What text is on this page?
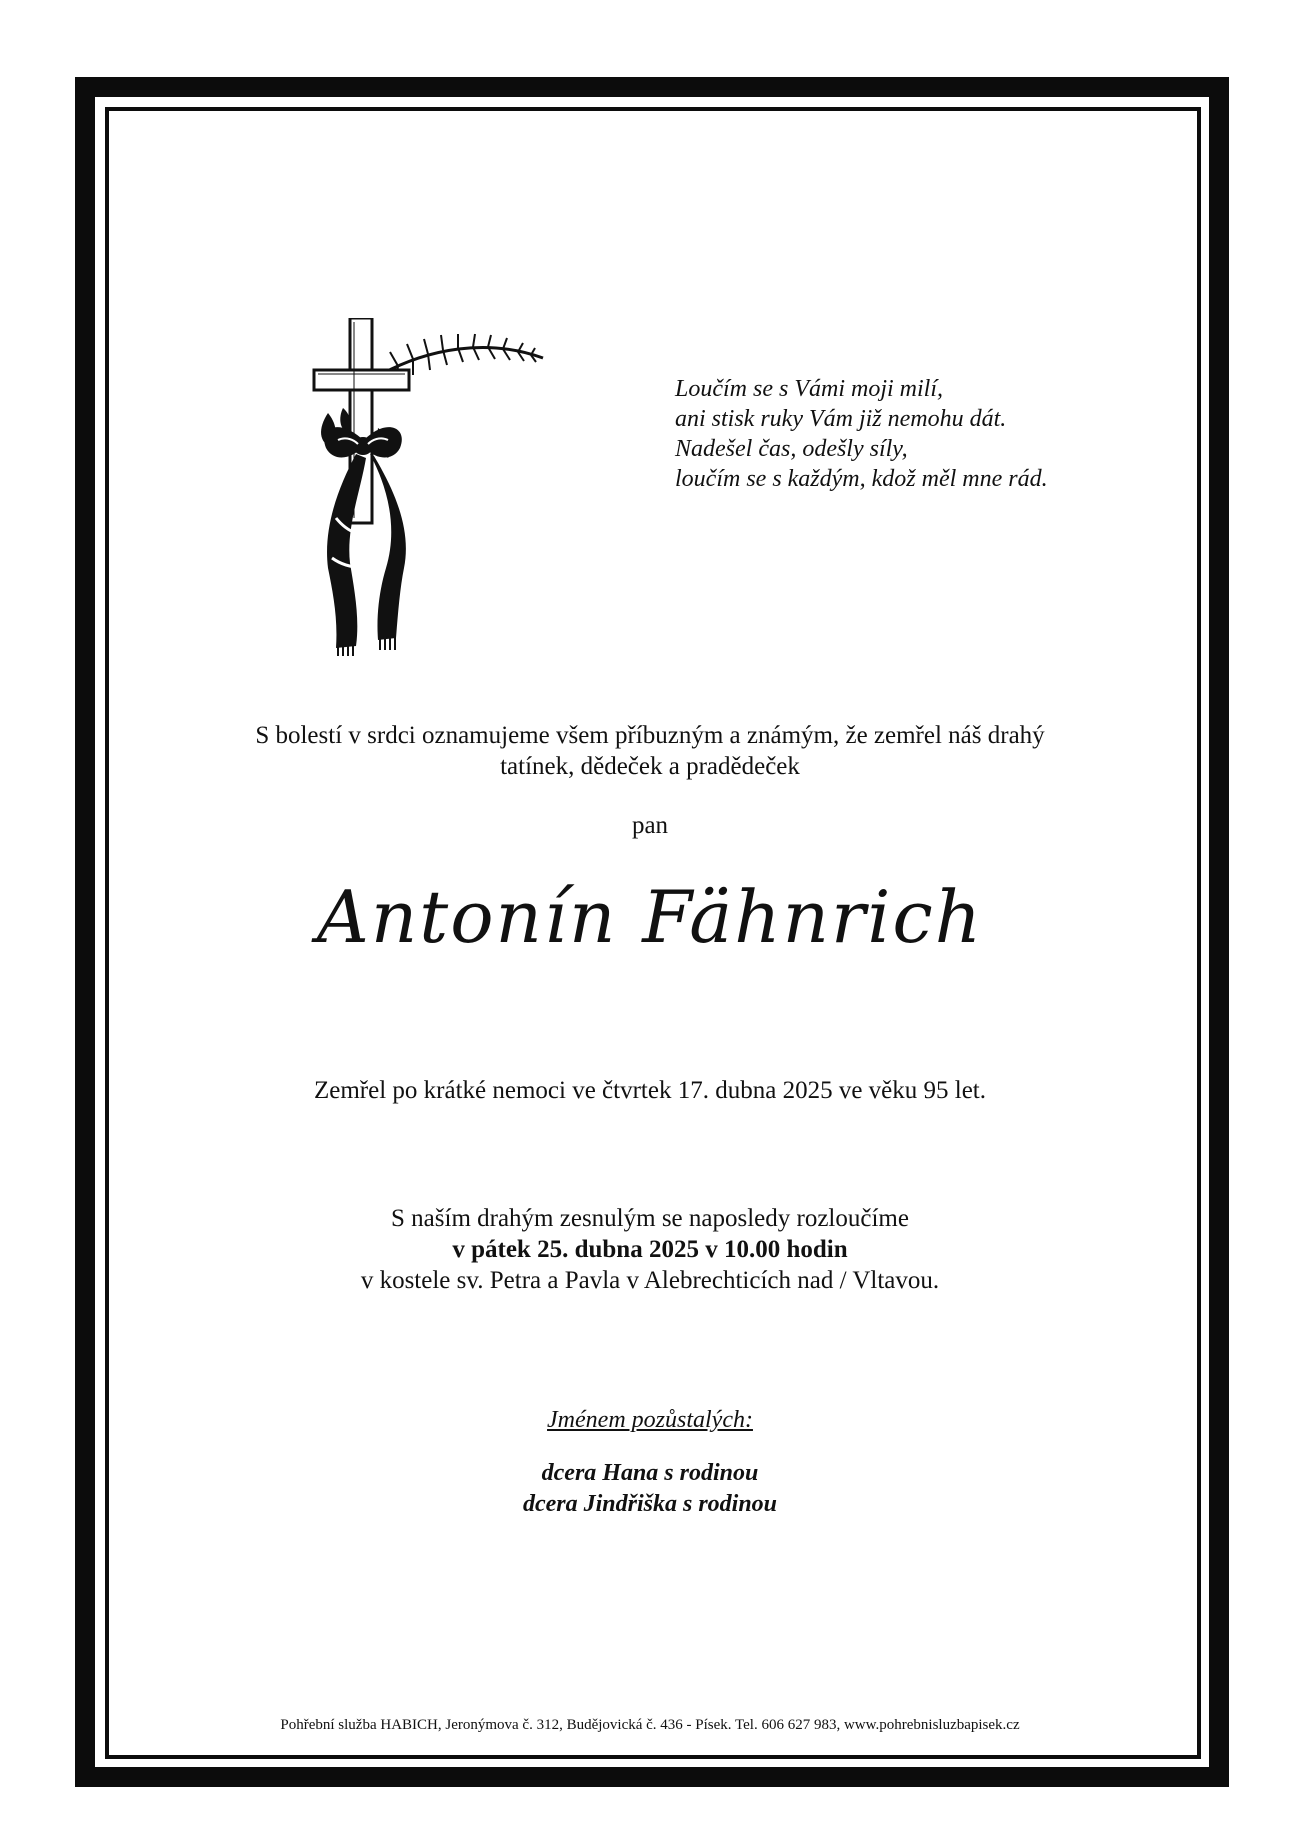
Loučím se s Vámi moji milí,
ani stisk ruky Vám již nemohu dát.
Nadešel čas, odešly síly,
loučím se s každým, kdož měl mne rád.
S bolestí v srdci oznamujeme všem příbuzným a známým, že zemřel náš drahý
tatínek, dědeček a pradědeček
pan
Antonín Fähnrich
Zemřel po krátké nemoci ve čtvrtek 17. dubna 2025 ve věku 95 let.
S naším drahým zesnulým se naposledy rozloučíme
v pátek 25. dubna 2025 v 10.00 hodin
v kostele sv. Petra a Pavla v Alebrechticích nad / Vltavou.
Jménem pozůstalých:
dcera Hana s rodinou
dcera Jindřiška s rodinou
Pohřební služba HABICH, Jeronýmova č. 312, Budějovická č. 436 - Písek. Tel. 606 627 983, www.pohrebnisluzbapisek.cz
